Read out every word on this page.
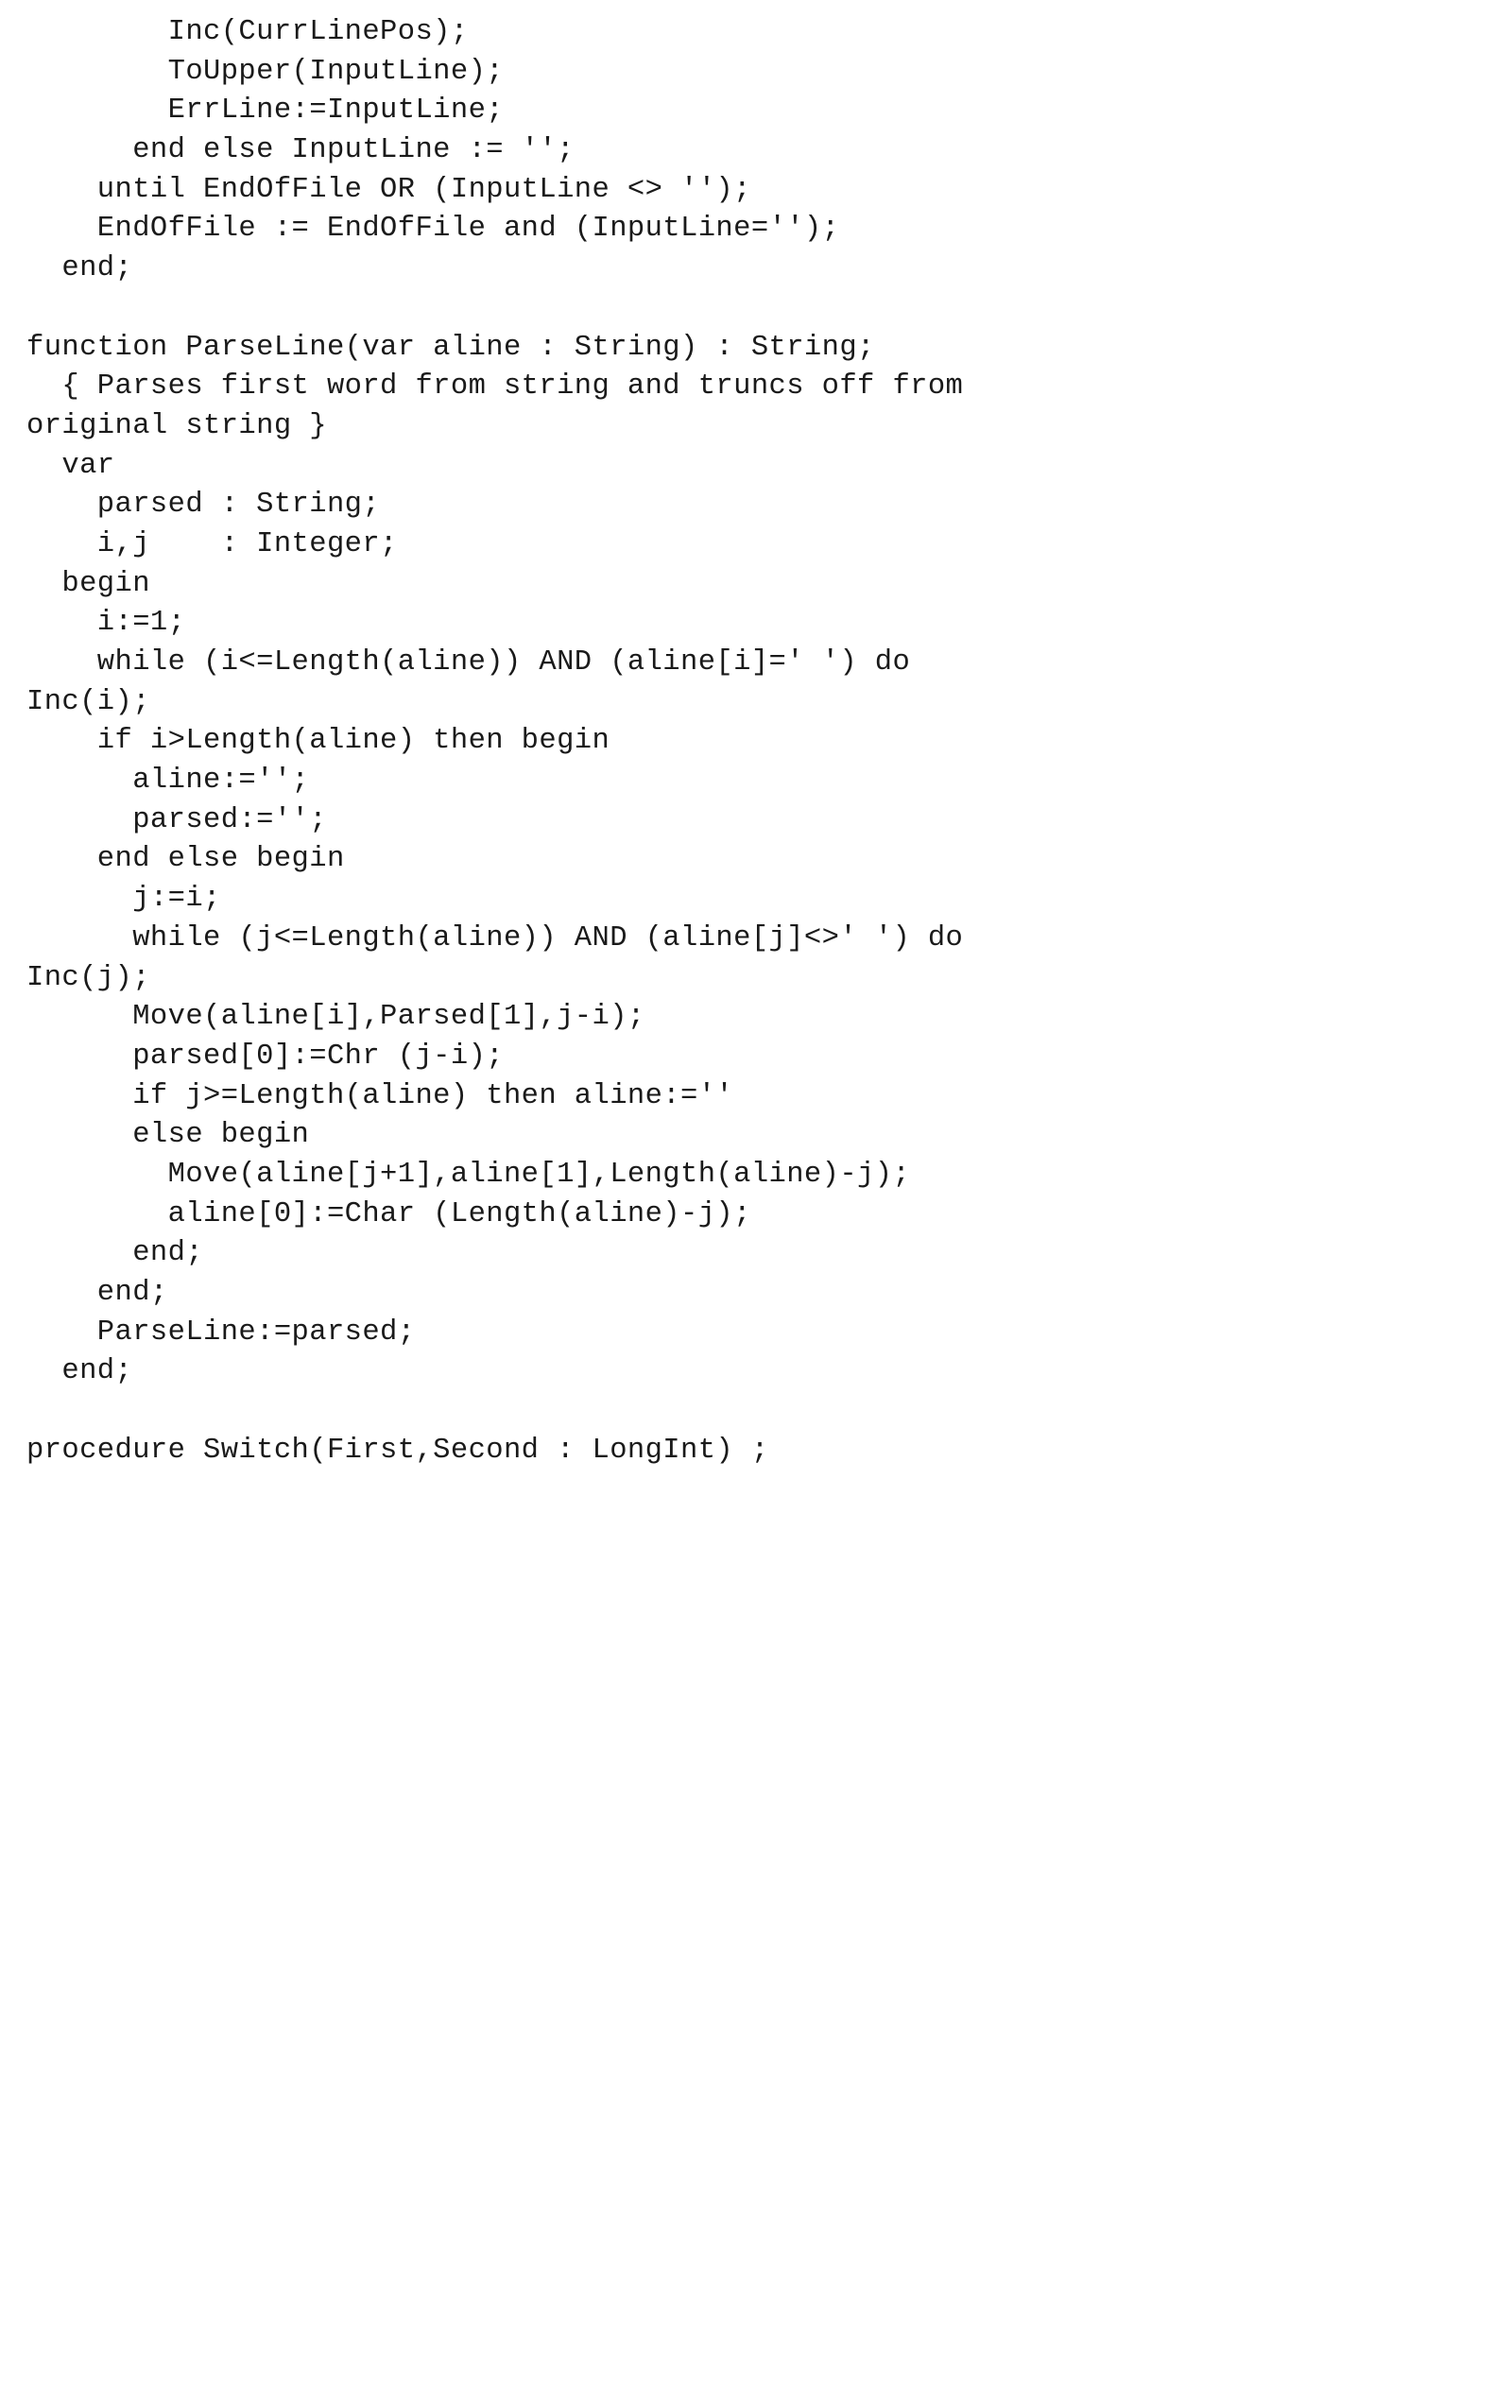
Inc(CurrLinePos);
ToUpper(InputLine);
ErrLine:=InputLine;
end else InputLine := '';
until EndOfFile OR (InputLine <> '');
EndOfFile := EndOfFile and (InputLine='');
end;
function ParseLine(var aline : String) : String;
{ Parses first word from string and truncs off from
original string }
var
parsed : String;
i,j    : Integer;
begin
i:=1;
while (i<=Length(aline)) AND (aline[i]=' ') do
Inc(i);
if i>Length(aline) then begin
aline:='';
parsed:='';
end else begin
j:=i;
while (j<=Length(aline)) AND (aline[j]<>' ') do
Inc(j);
Move(aline[i],Parsed[1],j-i);
parsed[0]:=Chr (j-i);
if j>=Length(aline) then aline:=''
else begin
Move(aline[j+1],aline[1],Length(aline)-j);
aline[0]:=Char (Length(aline)-j);
end;
end;
ParseLine:=parsed;
end;
procedure Switch(First,Second : LongInt) ;
